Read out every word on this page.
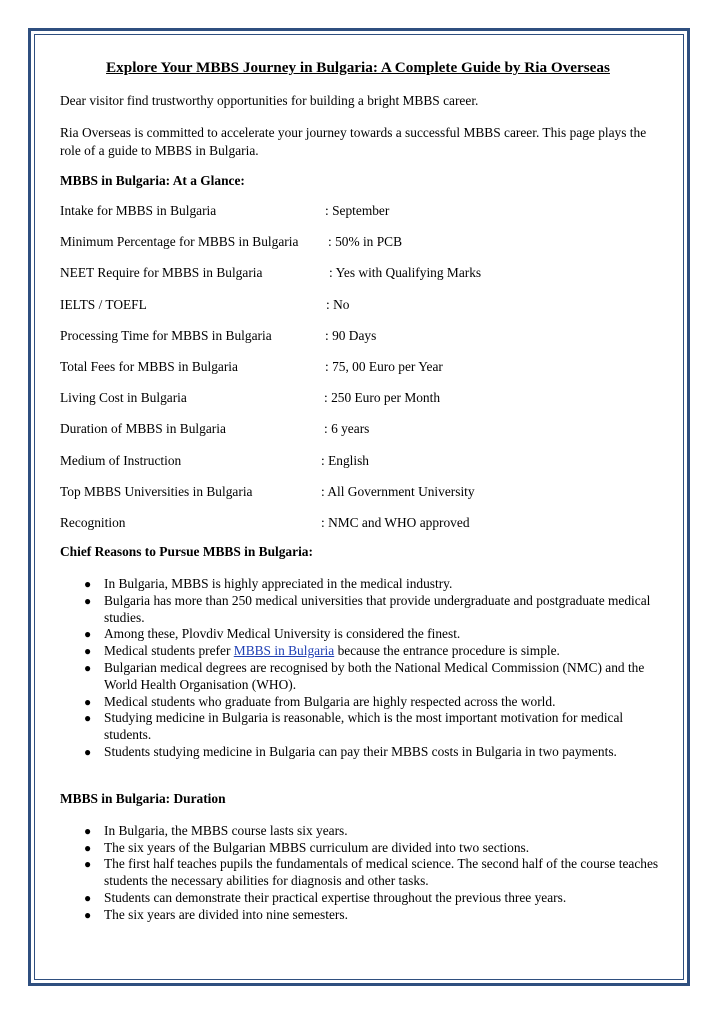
Explore Your MBBS Journey in Bulgaria: A Complete Guide by Ria Overseas

Dear visitor find trustworthy opportunities for building a bright MBBS career.

Ria Overseas is committed to accelerate your journey towards a successful MBBS career. This page plays the role of a guide to MBBS in Bulgaria.

MBBS in Bulgaria: At a Glance:

Intake for MBBS in Bulgaria	: September
Minimum Percentage for MBBS in Bulgaria : 50% in PCB
NEET Require for MBBS in Bulgaria	: Yes with Qualifying Marks
IELTS / TOEFL	: No
Processing Time for MBBS in Bulgaria	: 90 Days
Total Fees for MBBS in Bulgaria	: 75, 00 Euro per Year
Living Cost in Bulgaria	: 250 Euro per Month
Duration of MBBS in Bulgaria	: 6 years
Medium of Instruction	: English
Top MBBS Universities in Bulgaria	: All Government University
Recognition	: NMC and WHO approved

Chief Reasons to Pursue MBBS in Bulgaria:

● In Bulgaria, MBBS is highly appreciated in the medical industry.
● Bulgaria has more than 250 medical universities that provide undergraduate and postgraduate medical studies.
● Among these, Plovdiv Medical University is considered the finest.
● Medical students prefer MBBS in Bulgaria because the entrance procedure is simple.
● Bulgarian medical degrees are recognised by both the National Medical Commission (NMC) and the World Health Organisation (WHO).
● Medical students who graduate from Bulgaria are highly respected across the world.
● Studying medicine in Bulgaria is reasonable, which is the most important motivation for medical students.
● Students studying medicine in Bulgaria can pay their MBBS costs in Bulgaria in two payments.

MBBS in Bulgaria: Duration

● In Bulgaria, the MBBS course lasts six years.
● The six years of the Bulgarian MBBS curriculum are divided into two sections.
● The first half teaches pupils the fundamentals of medical science. The second half of the course teaches students the necessary abilities for diagnosis and other tasks.
● Students can demonstrate their practical expertise throughout the previous three years.
● The six years are divided into nine semesters.
